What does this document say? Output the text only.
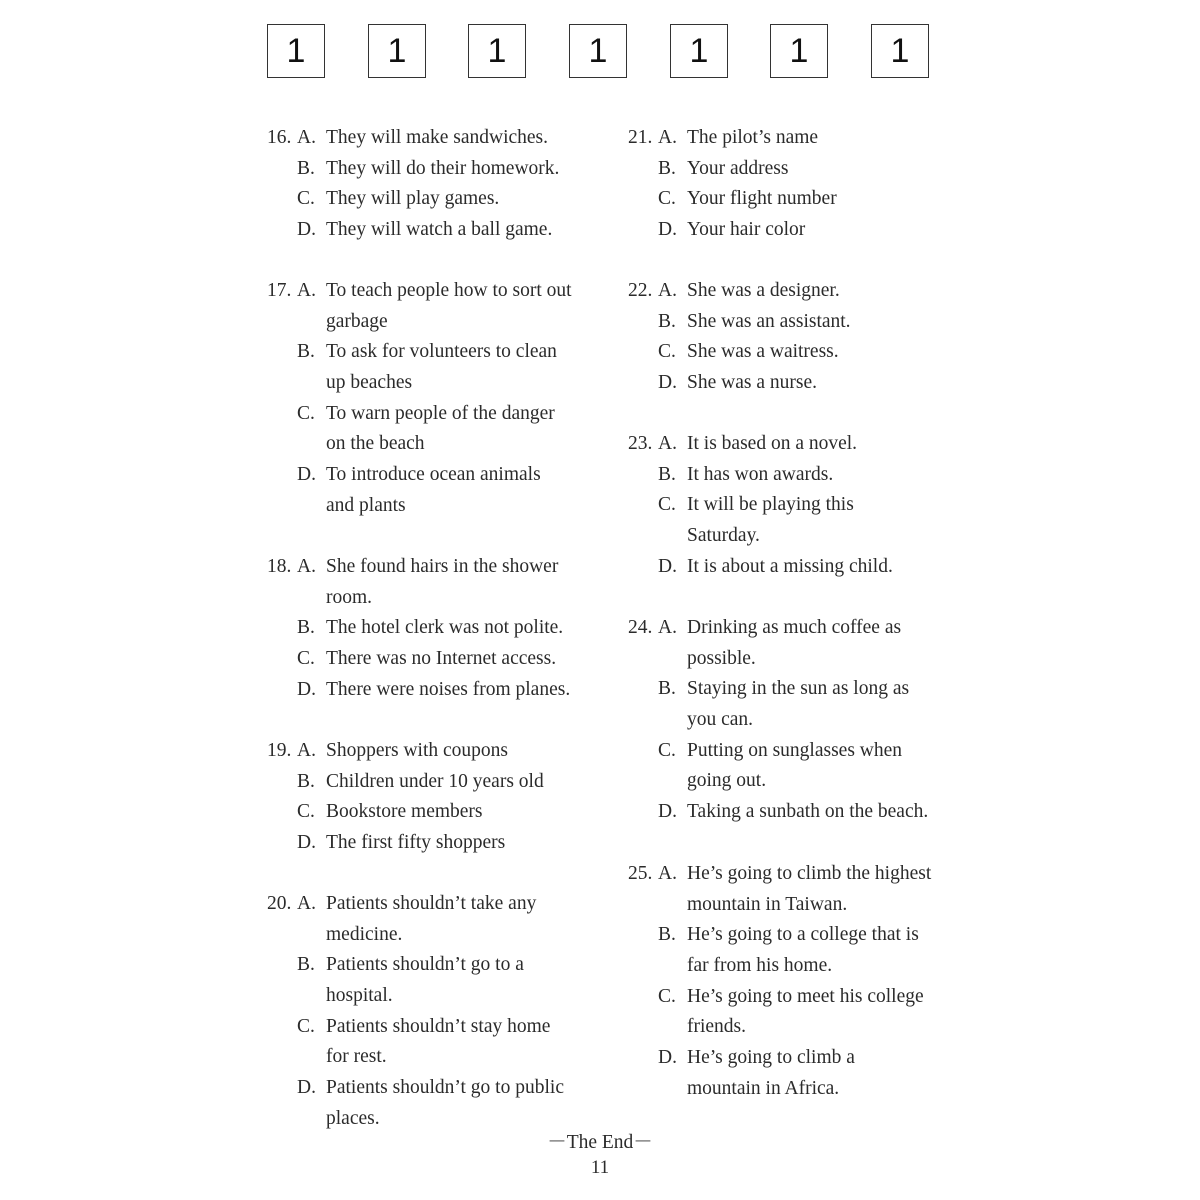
1	1	1	1	1	1	1
16. A. They will make sandwiches.
B. They will do their homework.
C. They will play games.
D. They will watch a ball game.
17. A. To teach people how to sort out
garbage
B. To ask for volunteers to clean
up beaches
C. To warn people of the danger
on the beach
D. To introduce ocean animals
and plants
18. A. She found hairs in the shower
room.
B. The hotel clerk was not polite.
C. There was no Internet access.
D. There were noises from planes.
19. A. Shoppers with coupons
B. Children under 10 years old
C. Bookstore members
D. The first fifty shoppers
20. A. Patients shouldn’t take any
medicine.
B. Patients shouldn’t go to a
hospital.
C. Patients shouldn’t stay home
for rest.
D. Patients shouldn’t go to public
places.
21. A. The pilot’s name
B. Your address
C. Your flight number
D. Your hair color
22. A. She was a designer.
B. She was an assistant.
C. She was a waitress.
D. She was a nurse.
23. A. It is based on a novel.
B. It has won awards.
C. It will be playing this
Saturday.
D. It is about a missing child.
24. A. Drinking as much coffee as
possible.
B. Staying in the sun as long as
you can.
C. Putting on sunglasses when
going out.
D. Taking a sunbath on the beach.
25. A. He’s going to climb the highest
mountain in Taiwan.
B. He’s going to a college that is
far from his home.
C. He’s going to meet his college
friends.
D. He’s going to climb a
mountain in Africa.
－The End－
11
